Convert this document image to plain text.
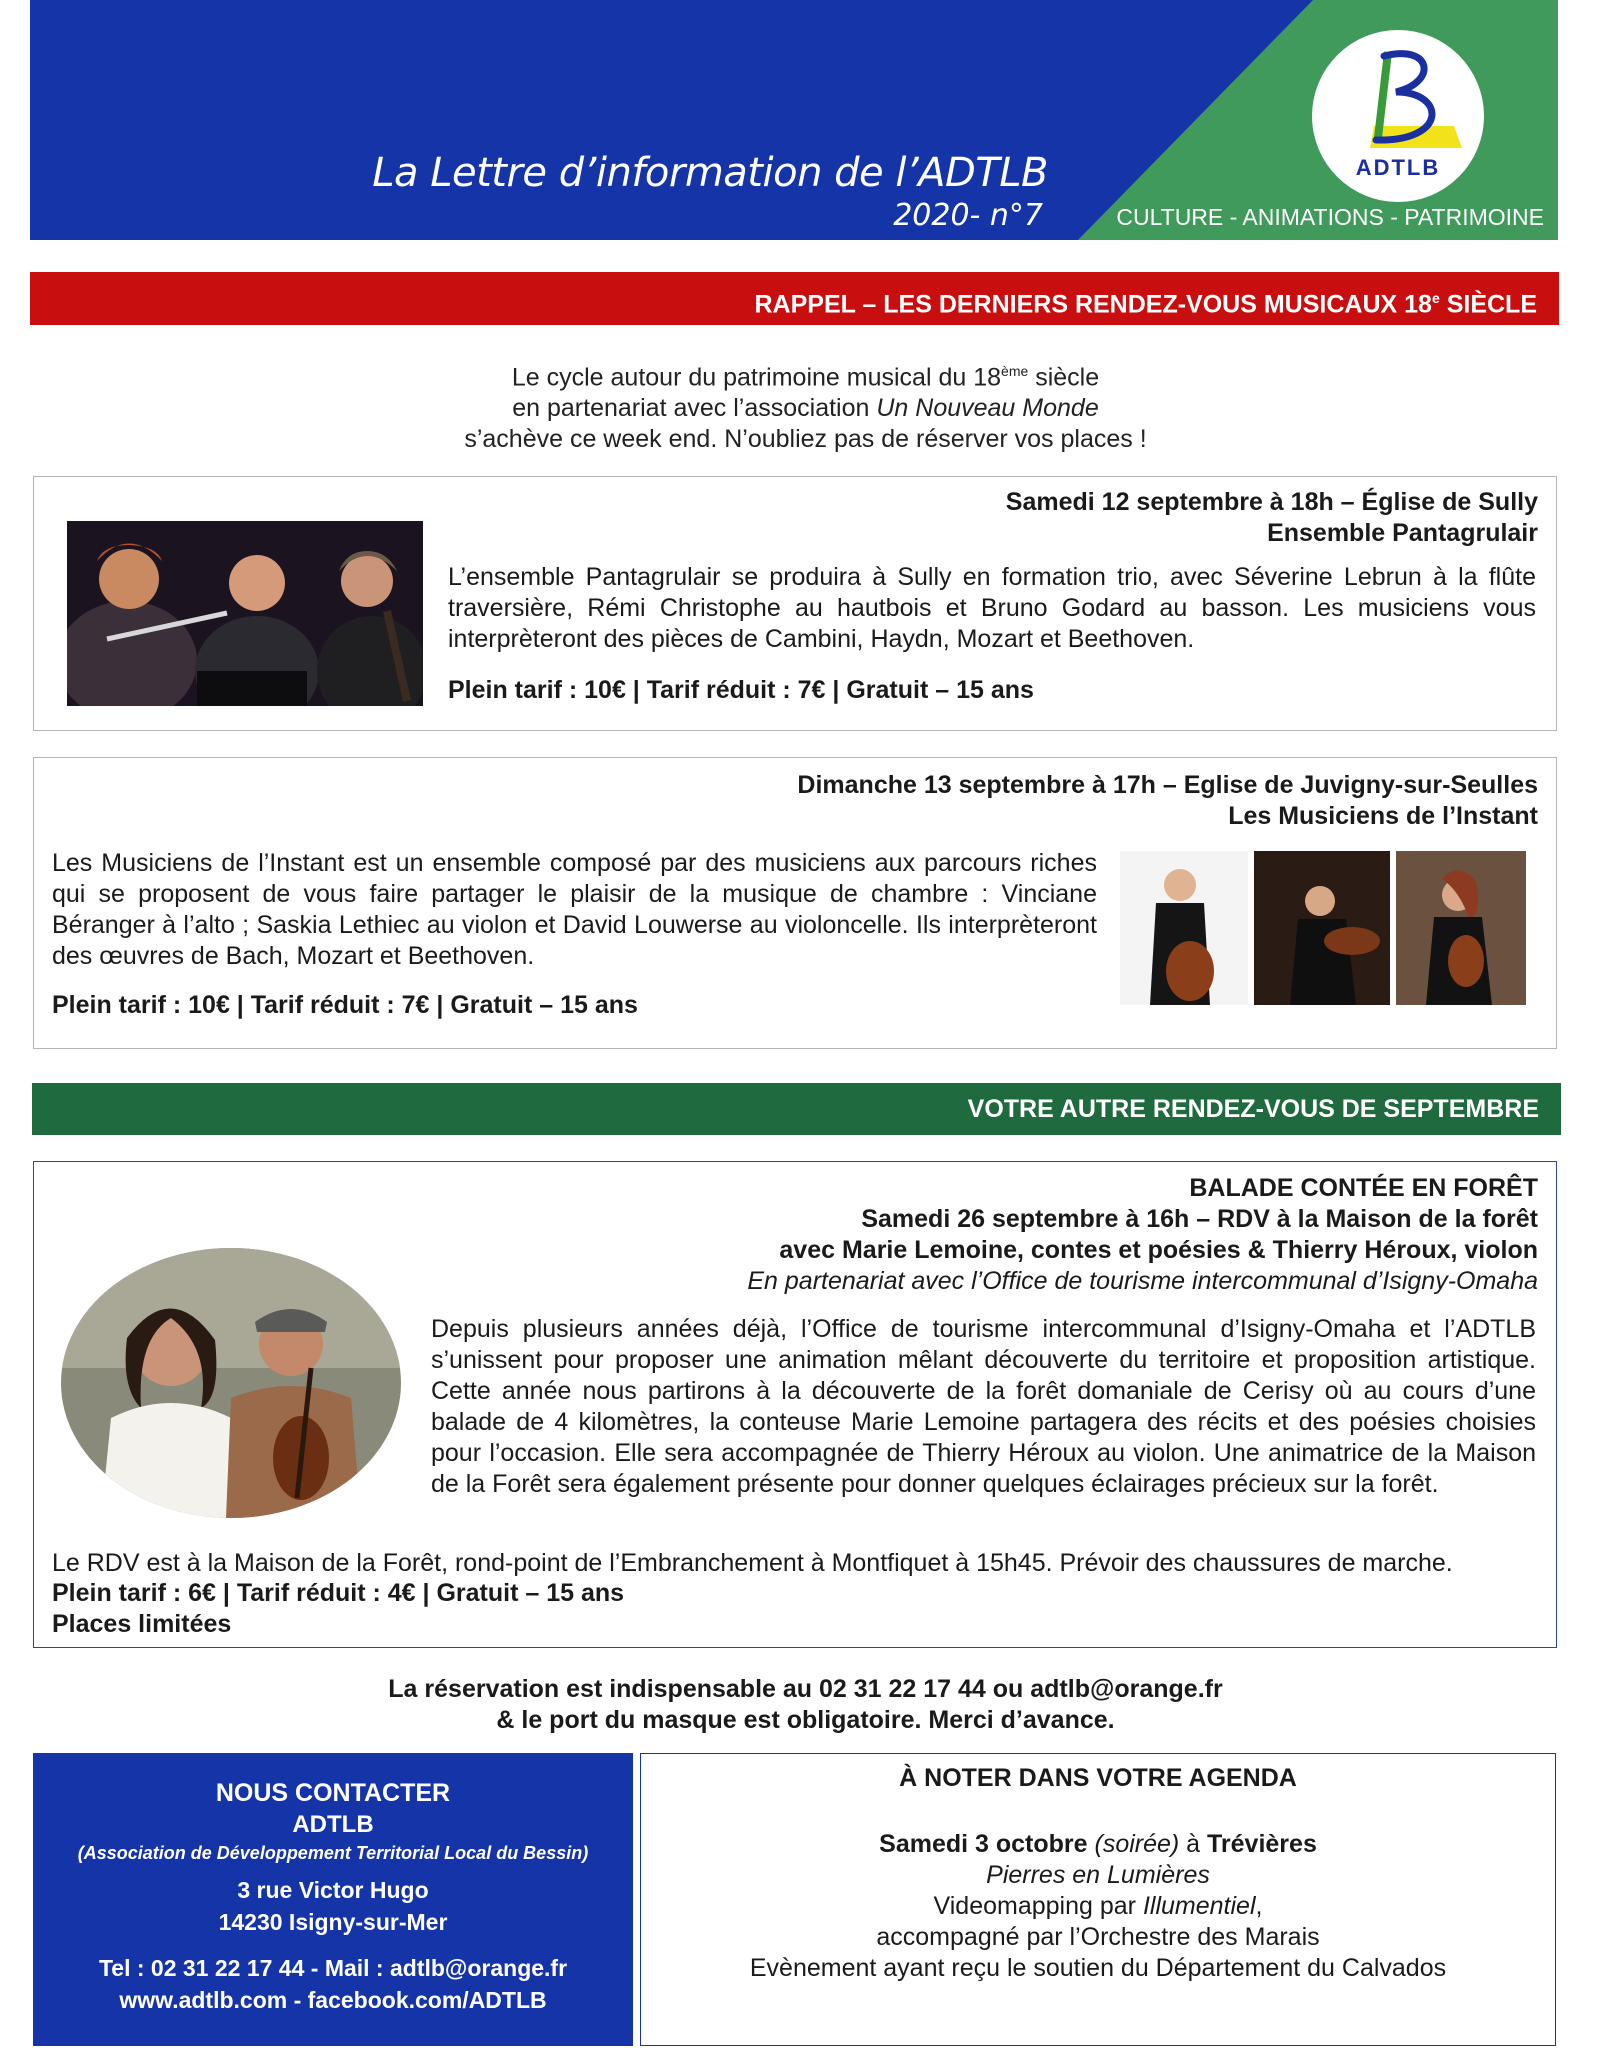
La Lettre d’information de l’ADTLB
2020- n°7	CULTURE - ANIMATIONS - PATRIMOINE
ADTLB
RAPPEL – LES DERNIERS RENDEZ-VOUS MUSICAUX 18e SIÈCLE

Le cycle autour du patrimoine musical du 18ème siècle

en partenariat avec l’association Un Nouveau Monde

s’achève ce week end. N’oubliez pas de réserver vos places !

Samedi 12 septembre à 18h – Église de Sully
Ensemble Pantagrulair
L’ensemble Pantagrulair se produira à Sully en formation trio, avec Séverine Lebrun à la flûte traversière, Rémi Christophe au hautbois et Bruno Godard au basson. Les musiciens vous interprèteront des pièces de Cambini, Haydn, Mozart et Beethoven.
Plein tarif : 10€ | Tarif réduit : 7€ | Gratuit – 15 ans
Dimanche 13 septembre à 17h – Eglise de Juvigny-sur-Seulles
Les Musiciens de l’Instant
Les Musiciens de l’Instant est un ensemble composé par des musiciens aux parcours riches qui se proposent de vous faire partager le plaisir de la musique de chambre : Vinciane Béranger à l’alto ; Saskia Lethiec au violon et David Louwerse au violoncelle. Ils interprèteront des œuvres de Bach, Mozart et Beethoven.
Plein tarif : 10€ | Tarif réduit : 7€ | Gratuit – 15 ans
VOTRE AUTRE RENDEZ-VOUS DE SEPTEMBRE
BALADE CONTÉE EN FORÊT
Samedi 26 septembre à 16h – RDV à la Maison de la forêt
avec Marie Lemoine, contes et poésies & Thierry Héroux, violon
En partenariat avec l’Office de tourisme intercommunal d’Isigny-Omaha
Depuis plusieurs années déjà, l’Office de tourisme intercommunal d’Isigny-Omaha et l’ADTLB s’unissent pour proposer une animation mêlant découverte du territoire et proposition artistique. Cette année nous partirons à la découverte de la forêt domaniale de Cerisy où au cours d’une balade de 4 kilomètres, la conteuse Marie Lemoine partagera des récits et des poésies choisies pour l’occasion. Elle sera accompagnée de Thierry Héroux au violon. Une animatrice de la Maison de la Forêt sera également présente pour donner quelques éclairages précieux sur la forêt.
Le RDV est à la Maison de la Forêt, rond-point de l’Embranchement à Montfiquet à 15h45. Prévoir des chaussures de marche.
Plein tarif : 6€ | Tarif réduit : 4€ | Gratuit – 15 ans
Places limitées
La réservation est indispensable au 02 31 22 17 44 ou adtlb@orange.fr
& le port du masque est obligatoire. Merci d’avance.
NOUS CONTACTER
ADTLB
(Association de Développement Territorial Local du Bessin)
3 rue Victor Hugo
14230 Isigny-sur-Mer
Tel : 02 31 22 17 44 - Mail : adtlb@orange.fr
www.adtlb.com - facebook.com/ADTLB
À NOTER DANS VOTRE AGENDA
Samedi 3 octobre (soirée) à Trévières
Pierres en Lumières
Videomapping par Illumentiel,
accompagné par l’Orchestre des Marais
Evènement ayant reçu le soutien du Département du Calvados
